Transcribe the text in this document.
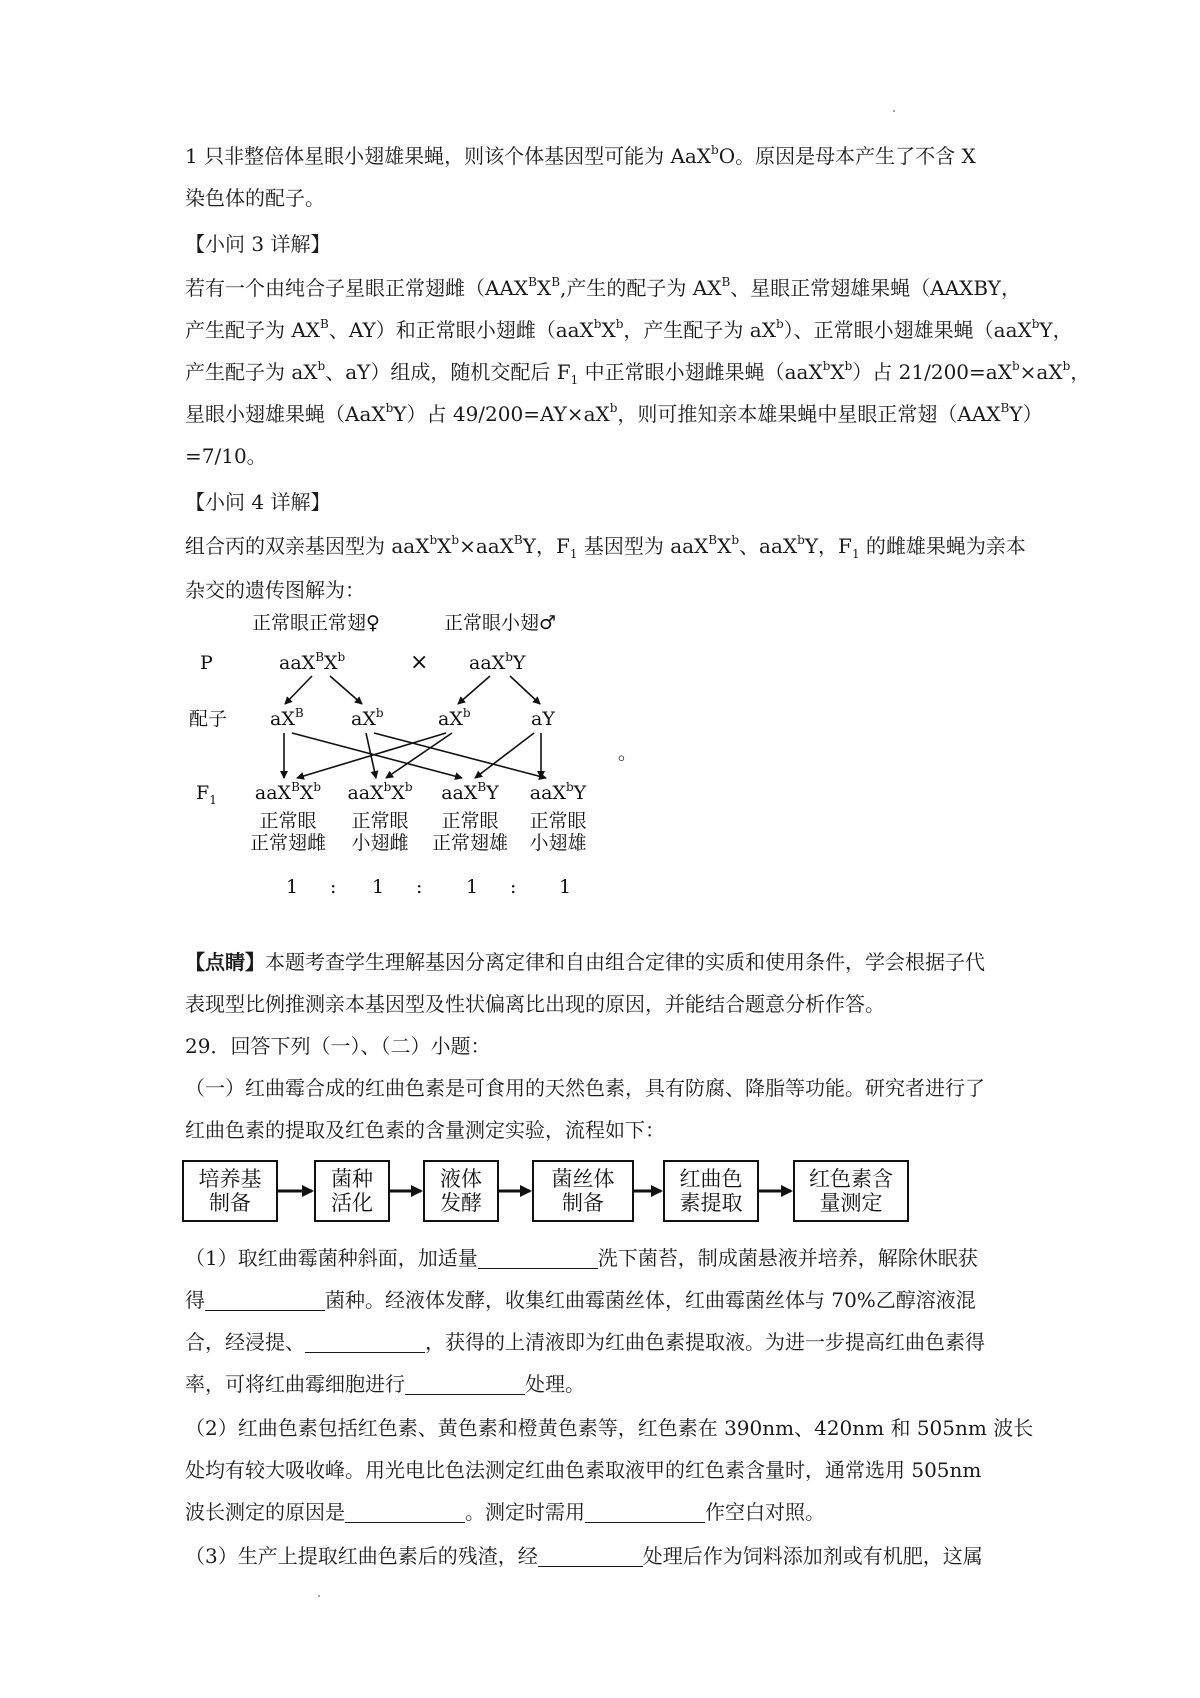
1 只非整倍体星眼小翅雄果蝇，则该个体基因型可能为 AaX$^b$O。原因是母本产生了不含 X
染色体的配子。
【小问 3 详解】
若有一个由纯合子星眼正常翅雌（$AAX^BX^B$,产生的配子为 $AX^B$、星眼正常翅雄果蝇（AAXBY，
产生配子为 $AX^B$、AY）和正常眼小翅雌（$aaX^bX^b$，产生配子为 $aX^b$）、正常眼小翅雄果蝇（aaX$^b$Y，
产生配子为 $aX^b$、aY）组成，随机交配后 $F_1$ 中正常眼小翅雌果蝇$(aaX^bX^b)$占 $21/200=aX^b\times aX^b$，
星眼小翅雄果蝇（AaX$^b$Y）占 $49/200=AY\times aX^b$，则可推知亲本雄果蝇中星眼正常翅$(AAX^BY)$
=7/10。
【小问 4 详解】
组合丙的双亲基因型为 $aaX^bX^b\times aaX^BY$，$F_1$ 基因型为 $aaX^BX^b$、aaX$^b$Y，$F_1$ 的雌雄果蝇为亲本
杂交的遗传图解为：
正常眼正常翅♀	正常眼小翅♂
P	$aaX^BX^b$	× aaX$^b$Y
配子 $aX^B$ $aX^b$	$aX^b$	aY
$F_1$	$aaX^BX^b$	$aaX^bX^b$	aaX$^B$Y	aaX$^b$Y
正常眼
正常翅雌
正常眼
小翅雌
正常眼
正常翅雄
正常眼
小翅雄
1 : 1 : 1 : 1
。
【点睛】本题考查学生理解基因分离定律和自由组合定律的实质和使用条件，学会根据子代
表现型比例推测亲本基因型及性状偏离比出现的原因，并能结合题意分析作答。
29．回答下列（一）、（二）小题：
（一）红曲霉合成的红曲色素是可食用的天然色素，具有防腐、降脂等功能。研究者进行了
红曲色素的提取及红色素的含量测定实验，流程如下：
培养基
制备
菌种
活化
液体
发酵
菌丝体
制备
红曲色
素提取
红色素含
量测定
（1）取红曲霉菌种斜面，加适量	洗下菌苔，制成菌悬液并培养，解除休眠获
得	菌种。经液体发酵，收集红曲霉菌丝体，红曲霉菌丝体与 70%乙醇溶液混
合，经浸提、	，获得的上清液即为红曲色素提取液。为进一步提高红曲色素得
率，可将红曲霉细胞进行	处理。
（2）红曲色素包括红色素、黄色素和橙黄色素等，红色素在 390nm、420nm 和 505nm 波长
处均有较大吸收峰。用光电比色法测定红曲色素取液甲的红色素含量时，通常选用 505nm
波长测定的原因是	。测定时需用	作空白对照。
（3）生产上提取红曲色素后的残渣，经	处理后作为饲料添加剂或有机肥，这属
